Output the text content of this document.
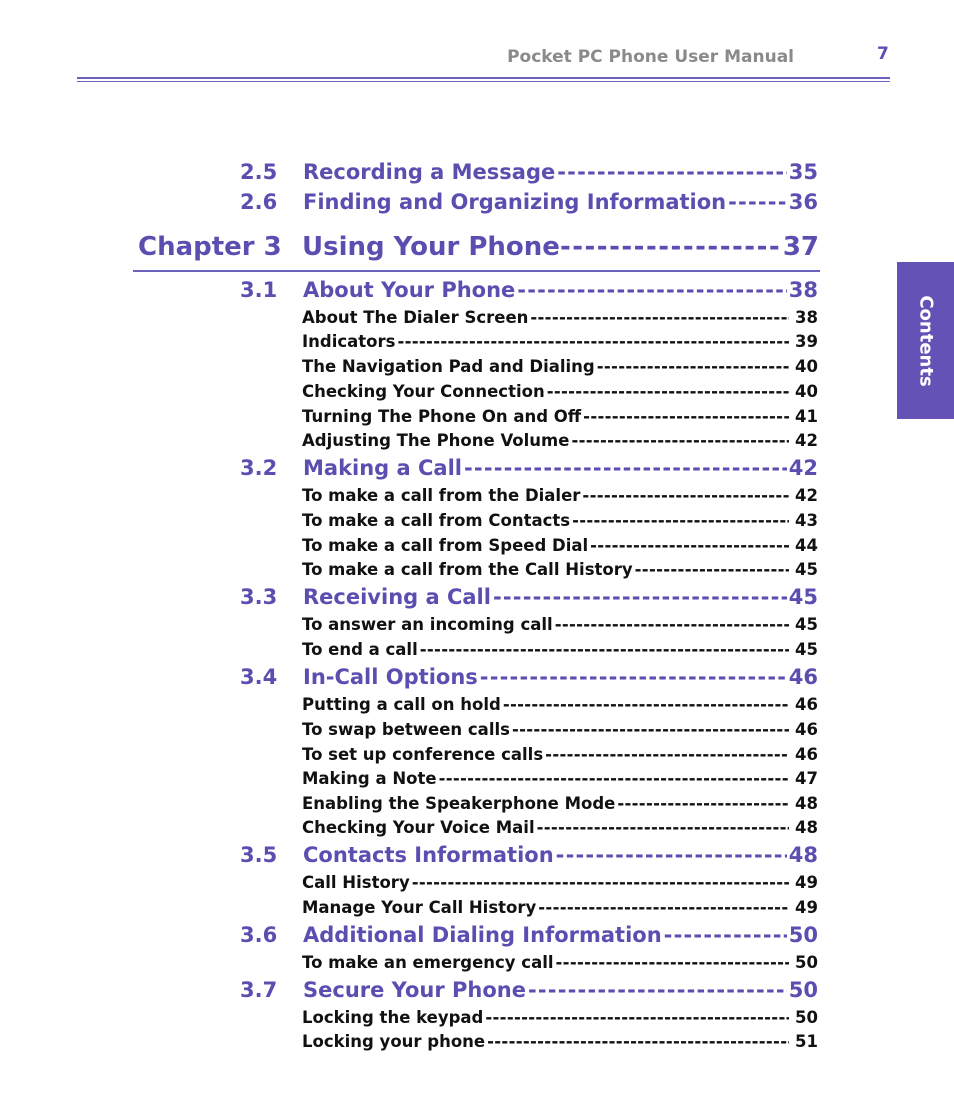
Pocket PC Phone User Manual	7
Contents
2.5	Recording a Message -----	35
2.6	Finding and Organizing Information -----	36
Chapter 3 Using Your Phone -----	37
3.1	About Your Phone -----	38
About The Dialer Screen -----	38
Indicators -----	39
The Navigation Pad and Dialing -----	40
Checking Your Connection -----	40
Turning The Phone On and Off -----	41
Adjusting The Phone Volume -----	42
3.2	Making a Call -----	42
To make a call from the Dialer -----	42
To make a call from Contacts -----	43
To make a call from Speed Dial -----	44
To make a call from the Call History -----	45
3.3	Receiving a Call -----	45
To answer an incoming call -----	45
To end a call -----	45
3.4	In-Call Options -----	46
Putting a call on hold -----	46
To swap between calls -----	46
To set up conference calls -----	46
Making a Note -----	47
Enabling the Speakerphone Mode -----	48
Checking Your Voice Mail -----	48
3.5	Contacts Information -----	48
Call History -----	49
Manage Your Call History -----	49
3.6	Additional Dialing Information -----	50
To make an emergency call -----	50
3.7	Secure Your Phone -----	50
Locking the keypad -----	50
Locking your phone -----	51
